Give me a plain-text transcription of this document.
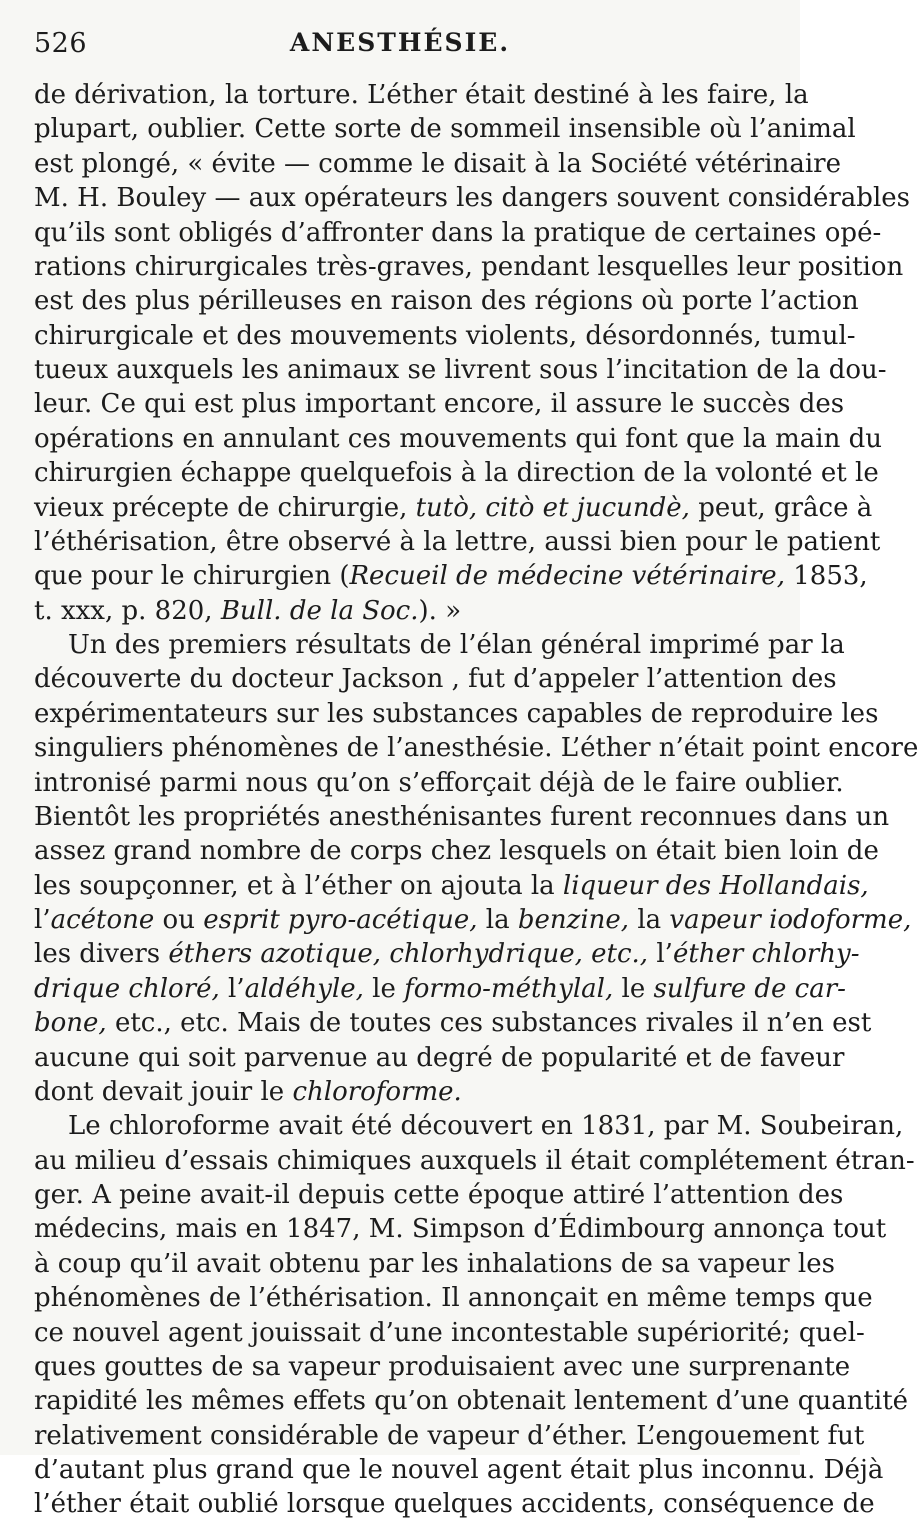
526	ANESTHÉSIE.
de dérivation, la torture. L’éther était destiné à les faire, la
plupart, oublier. Cette sorte de sommeil insensible où l’animal
est plongé, « évite — comme le disait à la Société vétérinaire
M. H. Bouley — aux opérateurs les dangers souvent considérables
qu’ils sont obligés d’affronter dans la pratique de certaines opé-
rations chirurgicales très-graves, pendant lesquelles leur position
est des plus périlleuses en raison des régions où porte l’action
chirurgicale et des mouvements violents, désordonnés, tumul-
tueux auxquels les animaux se livrent sous l’incitation de la dou-
leur. Ce qui est plus important encore, il assure le succès des
opérations en annulant ces mouvements qui font que la main du
chirurgien échappe quelquefois à la direction de la volonté et le
vieux précepte de chirurgie, tutò, citò et jucundè, peut, grâce à
l’éthérisation, être observé à la lettre, aussi bien pour le patient
que pour le chirurgien (Recueil de médecine vétérinaire, 1853,
t. xxx, p. 820, Bull. de la Soc.). »
Un des premiers résultats de l’élan général imprimé par la
découverte du docteur Jackson , fut d’appeler l’attention des
expérimentateurs sur les substances capables de reproduire les
singuliers phénomènes de l’anesthésie. L’éther n’était point encore
intronisé parmi nous qu’on s’efforçait déjà de le faire oublier.
Bientôt les propriétés anesthénisantes furent reconnues dans un
assez grand nombre de corps chez lesquels on était bien loin de
les soupçonner, et à l’éther on ajouta la liqueur des Hollandais,
l’acétone ou esprit pyro-acétique, la benzine, la vapeur iodoforme,
les divers éthers azotique, chlorhydrique, etc., l’éther chlorhy-
drique chloré, l’aldéhyle, le formo-méthylal, le sulfure de car-
bone, etc., etc. Mais de toutes ces substances rivales il n’en est
aucune qui soit parvenue au degré de popularité et de faveur
dont devait jouir le chloroforme.
Le chloroforme avait été découvert en 1831, par M. Soubeiran,
au milieu d’essais chimiques auxquels il était complétement étran-
ger. A peine avait-il depuis cette époque attiré l’attention des
médecins, mais en 1847, M. Simpson d’Édimbourg annonça tout
à coup qu’il avait obtenu par les inhalations de sa vapeur les
phénomènes de l’éthérisation. Il annonçait en même temps que
ce nouvel agent jouissait d’une incontestable supériorité; quel-
ques gouttes de sa vapeur produisaient avec une surprenante
rapidité les mêmes effets qu’on obtenait lentement d’une quantité
relativement considérable de vapeur d’éther. L’engouement fut
d’autant plus grand que le nouvel agent était plus inconnu. Déjà
l’éther était oublié lorsque quelques accidents, conséquence de
